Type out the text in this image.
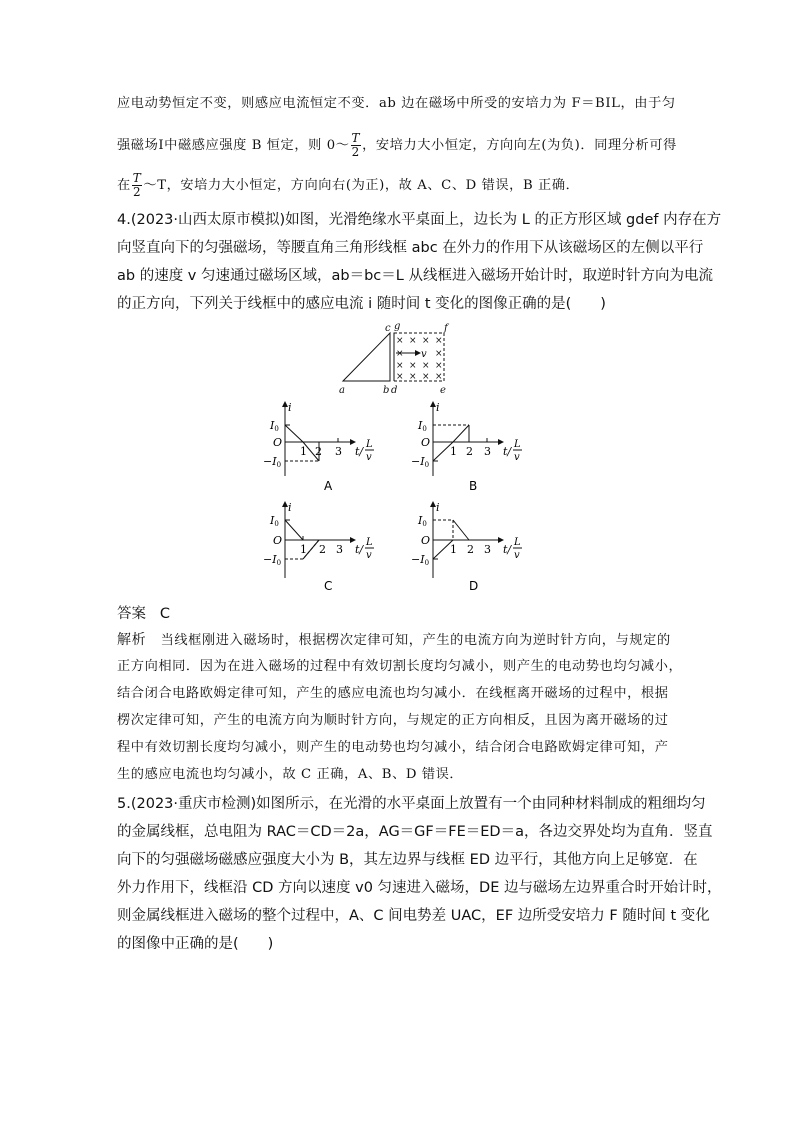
应电动势恒定不变，则感应电流恒定不变．ab 边在磁场中所受的安培力为 F＝BIL，由于匀
强磁场Ⅰ中磁感应强度 B 恒定，则 0～ $\frac{T}{2}$ ，安培力大小恒定，方向向左(为负)．同理分析可得
在 $\frac{T}{2}$ ～T，安培力大小恒定，方向向右(为正)，故 A、C、D 错误，B 正确．
4.(2023·山西太原市模拟)如图，光滑绝缘水平桌面上，边长为 L 的正方形区域 gdef 内存在方
向竖直向下的匀强磁场，等腰直角三角形线框 abc 在外力的作用下从该磁场区的左侧以平行
ab 的速度 v 匀速通过磁场区域，ab＝bc＝L 从线框进入磁场开始计时，取逆时针方向为电流
的正方向，下列关于线框中的感应电流 i 随时间 t 变化的图像正确的是(　　)
× × × ×
×	×
× × × ×
× × × ×
v
a	b d	e
c g	f
i
O
I0
−I0
1 2 3 t/
L
v
A
i
O
I0
−I0
1 2 3 t/
L
v
B
i
O
I0
−I0
1 2 3 t/
L
v
C
i
O
I0
−I0
1 2 3 t/
L
v
D
答案 C
解析 当线框刚进入磁场时，根据楞次定律可知，产生的电流方向为逆时针方向，与规定的
正方向相同．因为在进入磁场的过程中有效切割长度均匀减小，则产生的电动势也均匀减小，
结合闭合电路欧姆定律可知，产生的感应电流也均匀减小．在线框离开磁场的过程中，根据
楞次定律可知，产生的电流方向为顺时针方向，与规定的正方向相反，且因为离开磁场的过
程中有效切割长度均匀减小，则产生的电动势也均匀减小，结合闭合电路欧姆定律可知，产
生的感应电流也均匀减小，故 C 正确，A、B、D 错误．
5.(2023·重庆市检测)如图所示，在光滑的水平桌面上放置有一个由同种材料制成的粗细均匀
的金属线框，总电阻为 RAC＝CD＝2a，AG＝GF＝FE＝ED＝a，各边交界处均为直角．竖直
向下的匀强磁场磁感应强度大小为 B，其左边界与线框 ED 边平行，其他方向上足够宽．在
外力作用下，线框沿 CD 方向以速度 v0 匀速进入磁场，DE 边与磁场左边界重合时开始计时，
则金属线框进入磁场的整个过程中，A、C 间电势差 UAC，EF 边所受安培力 F 随时间 t 变化
的图像中正确的是(　　)
